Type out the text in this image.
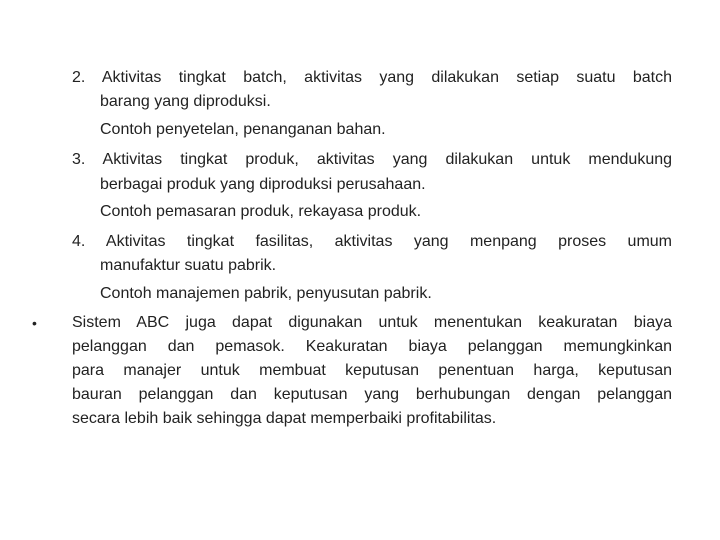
2. Aktivitas tingkat batch, aktivitas yang dilakukan setiap suatu batch
barang yang diproduksi.
Contoh penyetelan, penanganan bahan.
3. Aktivitas tingkat produk, aktivitas yang dilakukan untuk mendukung
berbagai produk yang diproduksi perusahaan.
Contoh pemasaran produk, rekayasa produk.
4. Aktivitas tingkat fasilitas, aktivitas yang menpang proses umum
manufaktur suatu pabrik.
Contoh manajemen pabrik, penyusutan pabrik.
• Sistem ABC juga dapat digunakan untuk menentukan keakuratan biaya
pelanggan dan pemasok. Keakuratan biaya pelanggan memungkinkan
para manajer untuk membuat keputusan penentuan harga, keputusan
bauran pelanggan dan keputusan yang berhubungan dengan pelanggan
secara lebih baik sehingga dapat memperbaiki profitabilitas.
